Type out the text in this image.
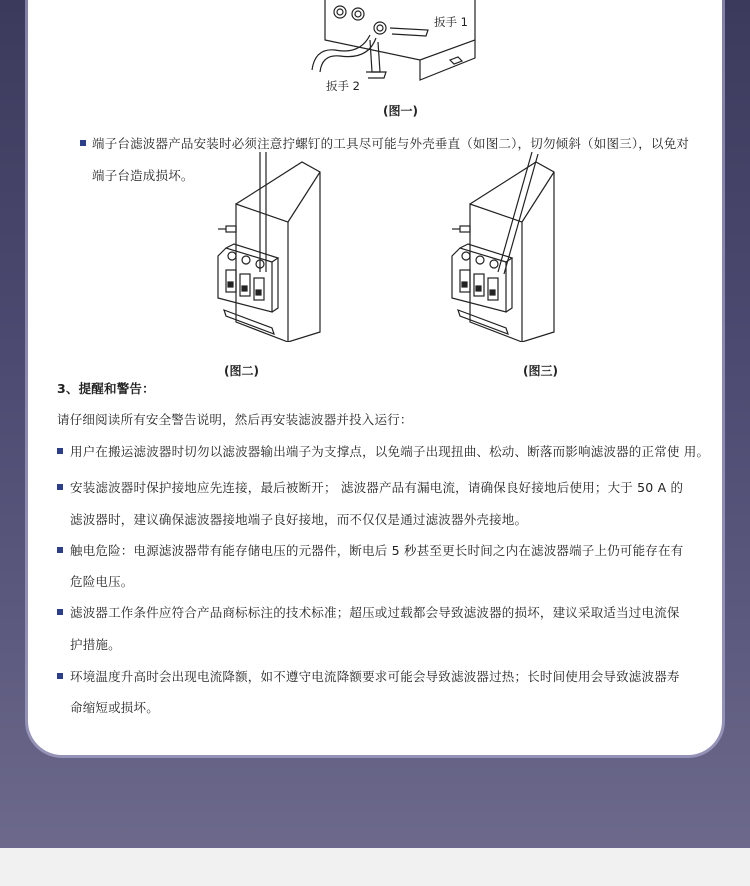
扳手 1
扳手 2
(图一)
端子台滤波器产品安装时必须注意拧螺钉的工具尽可能与外壳垂直（如图二），切勿倾斜（如图三），以免对
端子台造成损坏。
(图二)	(图三)
3、提醒和警告：
请仔细阅读所有安全警告说明，然后再安装滤波器并投入运行：
用户在搬运滤波器时切勿以滤波器输出端子为支撑点，以免端子出现扭曲、松动、断落而影响滤波器的正常使 用。
安装滤波器时保护接地应先连接，最后被断开； 滤波器产品有漏电流，请确保良好接地后使用；大于 50 A 的
滤波器时，建议确保滤波器接地端子良好接地，而不仅仅是通过滤波器外壳接地。
触电危险：电源滤波器带有能存储电压的元器件，断电后 5 秒甚至更长时间之内在滤波器端子上仍可能存在有
危险电压。
滤波器工作条件应符合产品商标标注的技术标准；超压或过载都会导致滤波器的损坏，建议采取适当过电流保
护措施。
环境温度升高时会出现电流降额，如不遵守电流降额要求可能会导致滤波器过热；长时间使用会导致滤波器寿
命缩短或损坏。
